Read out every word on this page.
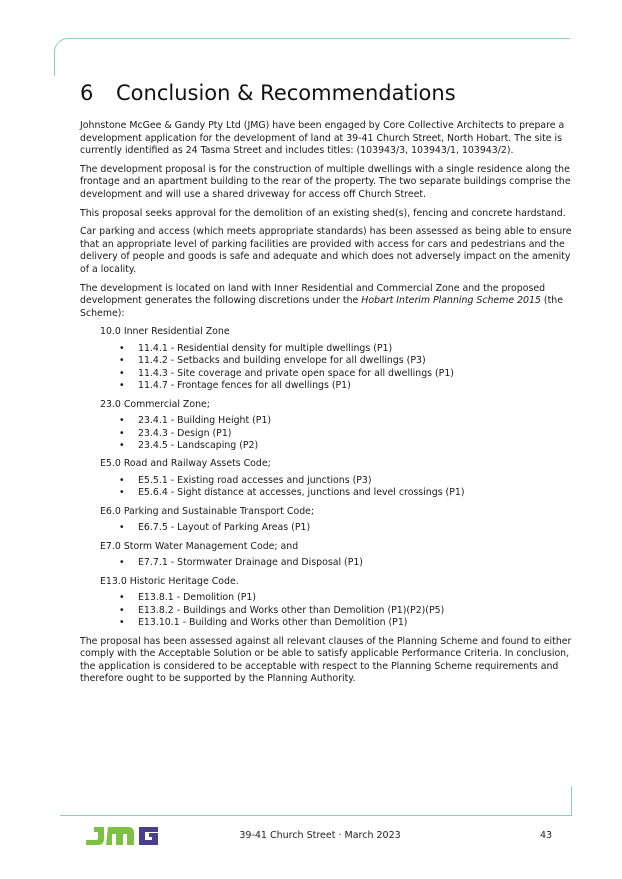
6 Conclusion & Recommendations

Johnstone McGee & Gandy Pty Ltd (JMG) have been engaged by Core Collective Architects to prepare a development application for the development of land at 39-41 Church Street, North Hobart. The site is currently identified as 24 Tasma Street and includes titles: (103943/3, 103943/1, 103943/2).

The development proposal is for the construction of multiple dwellings with a single residence along the frontage and an apartment building to the rear of the property. The two separate buildings comprise the development and will use a shared driveway for access off Church Street.

This proposal seeks approval for the demolition of an existing shed(s), fencing and concrete hardstand.

Car parking and access (which meets appropriate standards) has been assessed as being able to ensure that an appropriate level of parking facilities are provided with access for cars and pedestrians and the delivery of people and goods is safe and adequate and which does not adversely impact on the amenity of a locality.

The development is located on land with Inner Residential and Commercial Zone and the proposed development generates the following discretions under the Hobart Interim Planning Scheme 2015 (the Scheme):

10.0 Inner Residential Zone

• 11.4.1 - Residential density for multiple dwellings (P1)
• 11.4.2 - Setbacks and building envelope for all dwellings (P3)
• 11.4.3 - Site coverage and private open space for all dwellings (P1)
• 11.4.7 - Frontage fences for all dwellings (P1)

23.0 Commercial Zone;

• 23.4.1 - Building Height (P1)
• 23.4.3 - Design (P1)
• 23.4.5 - Landscaping (P2)

E5.0 Road and Railway Assets Code;

• E5.5.1 - Existing road accesses and junctions (P3)
• E5.6.4 - Sight distance at accesses, junctions and level crossings (P1)

E6.0 Parking and Sustainable Transport Code;

• E6.7.5 - Layout of Parking Areas (P1)

E7.0 Storm Water Management Code; and

• E7.7.1 - Stormwater Drainage and Disposal (P1)

E13.0 Historic Heritage Code.

• E13.8.1 - Demolition (P1)
• E13.8.2 - Buildings and Works other than Demolition (P1)(P2)(P5)
• E13.10.1 - Building and Works other than Demolition (P1)

The proposal has been assessed against all relevant clauses of the Planning Scheme and found to either comply with the Acceptable Solution or be able to satisfy applicable Performance Criteria. In conclusion, the application is considered to be acceptable with respect to the Planning Scheme requirements and therefore ought to be supported by the Planning Authority.

39-41 Church Street · March 2023	43
